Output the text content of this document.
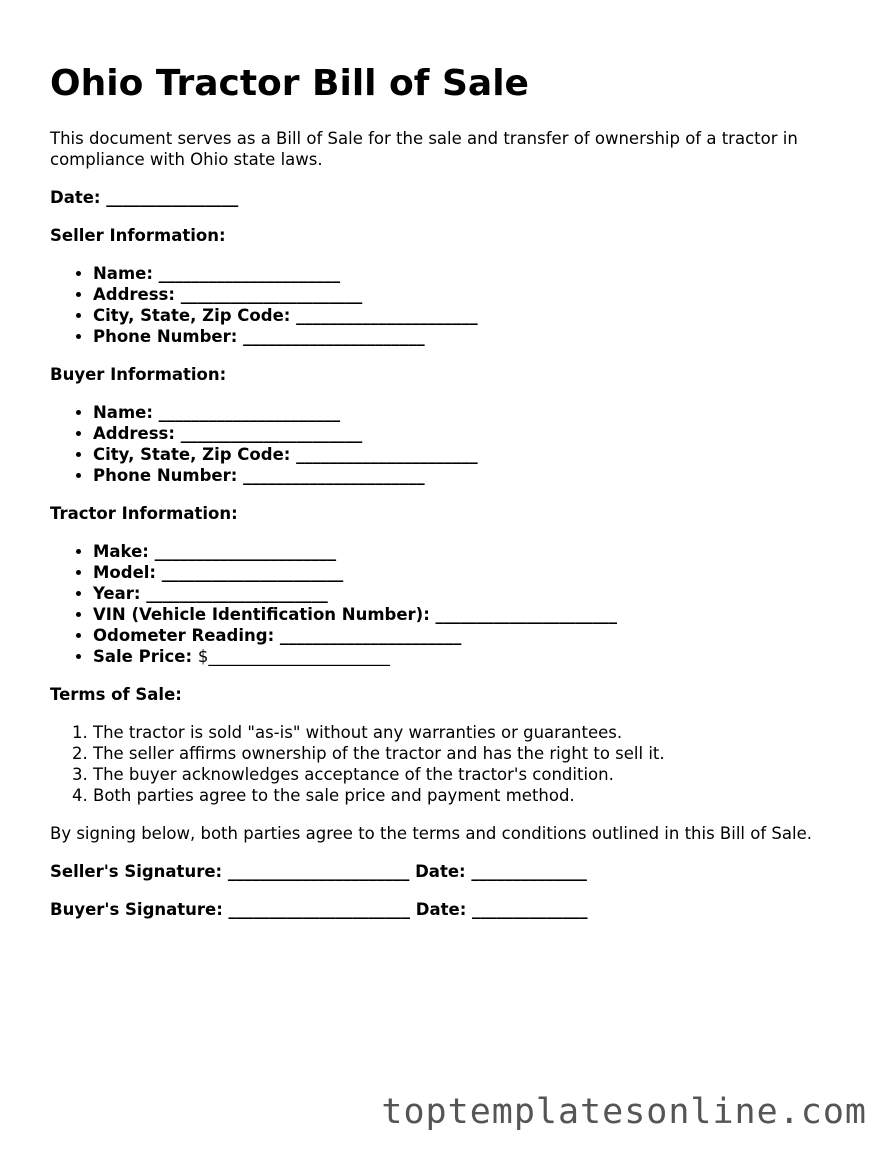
Ohio Tractor Bill of Sale

This document serves as a Bill of Sale for the sale and transfer of ownership of a tractor in compliance with Ohio state laws.

Date: ________________

Seller Information:
• Name: ______________________
• Address: ______________________
• City, State, Zip Code: ______________________
• Phone Number: ______________________
Buyer Information:
• Name: ______________________
• Address: ______________________
• City, State, Zip Code: ______________________
• Phone Number: ______________________
Tractor Information:
• Make: ______________________
• Model: ______________________
• Year: ______________________
• VIN (Vehicle Identification Number): ______________________
• Odometer Reading: ______________________
• Sale Price: $______________________
Terms of Sale:
1. The tractor is sold "as-is" without any warranties or guarantees.
2. The seller affirms ownership of the tractor and has the right to sell it.
3. The buyer acknowledges acceptance of the tractor's condition.
4. Both parties agree to the sale price and payment method.

By signing below, both parties agree to the terms and conditions outlined in this Bill of Sale.

Seller's Signature: ______________________ Date: ______________
Buyer's Signature: ______________________ Date: ______________
toptemplatesonline.com
